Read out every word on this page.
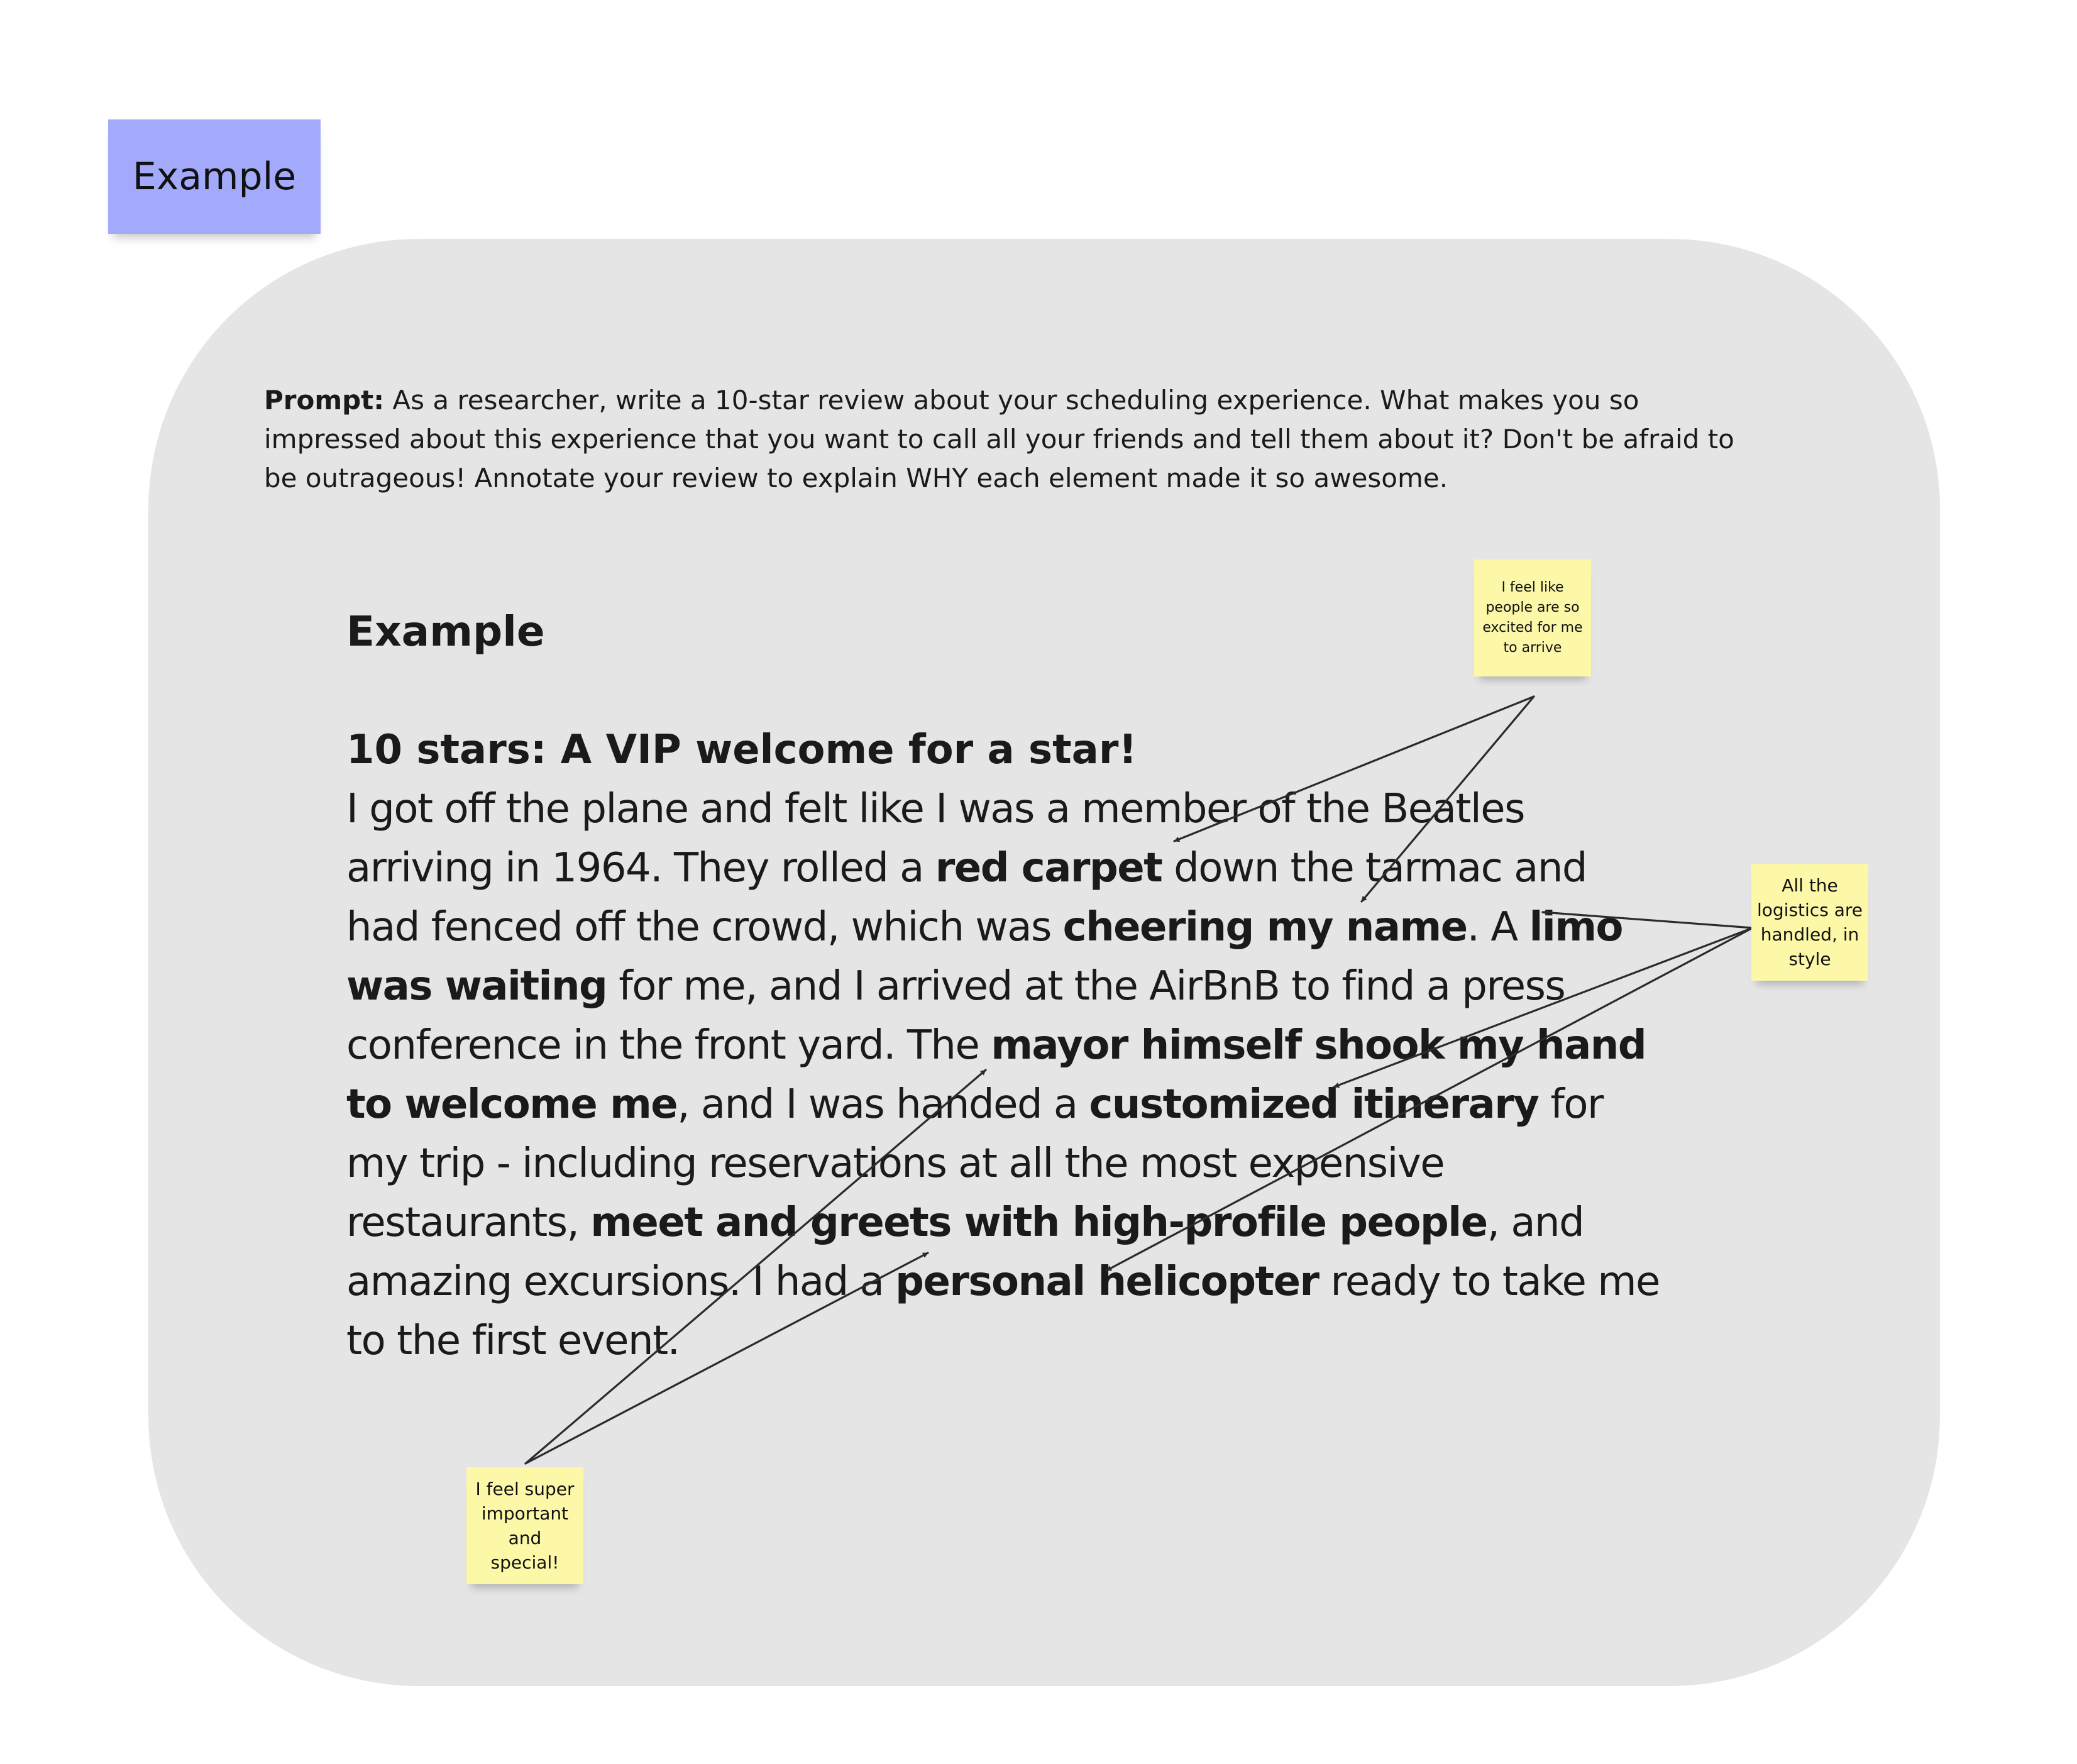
Example
Prompt: As a researcher, write a 10-star review about your scheduling experience. What makes you so impressed about this experience that you want to call all your friends and tell them about it? Don't be afraid to be outrageous! Annotate your review to explain WHY each element made it so awesome.
Example
10 stars: A VIP welcome for a star!
I got off the plane and felt like I was a member of the Beatles arriving in 1964. They rolled a red carpet down the tarmac and had fenced off the crowd, which was cheering my name. A limo was waiting for me, and I arrived at the AirBnB to find a press conference in the front yard. The mayor himself shook my hand to welcome me, and I was handed a customized itinerary for my trip - including reservations at all the most expensive restaurants, meet and greets with high-profile people, and amazing excursions. I had a personal helicopter ready to take me to the first event.
I feel like people are so excited for me to arrive
All the logistics are handled, in style
I feel super important and special!
